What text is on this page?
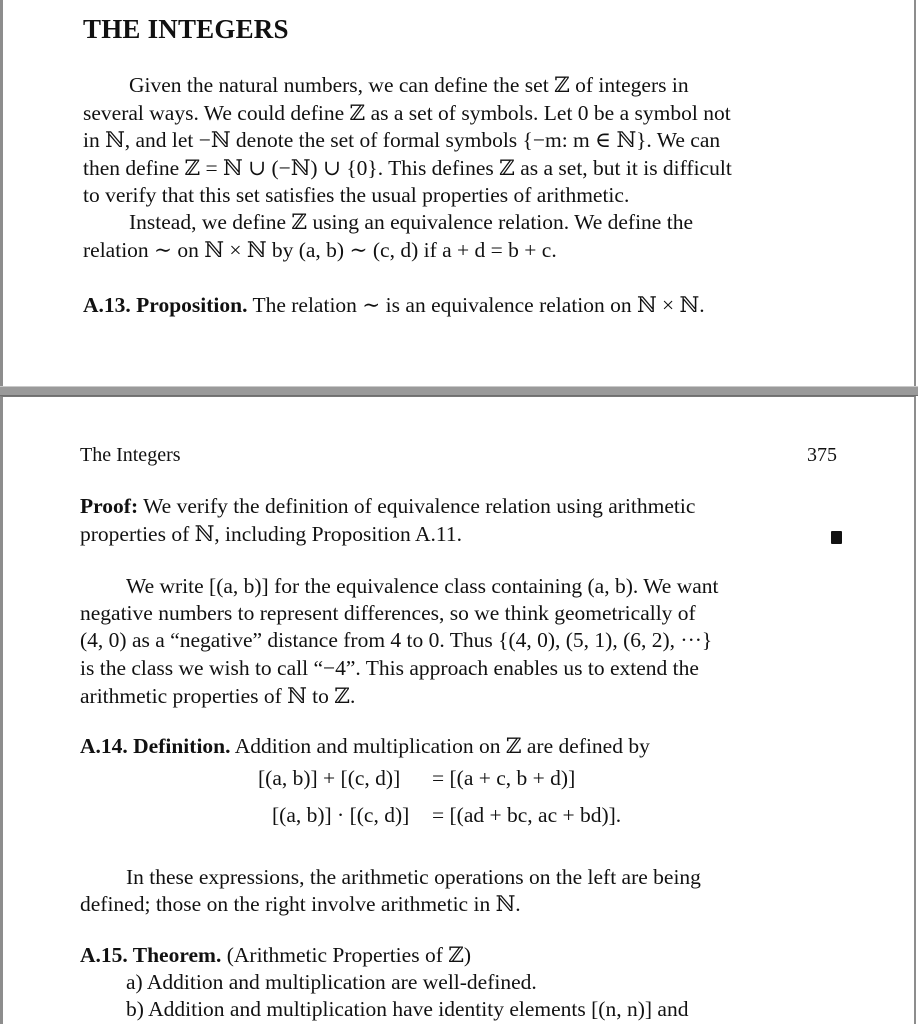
THE INTEGERS
Given the natural numbers, we can define the set ℤ of integers in
several ways. We could define ℤ as a set of symbols. Let 0 be a symbol not
in ℕ, and let −ℕ denote the set of formal symbols {−m: m ∈ ℕ}. We can
then define ℤ = ℕ ∪ (−ℕ) ∪ {0}. This defines ℤ as a set, but it is difficult
to verify that this set satisfies the usual properties of arithmetic.
Instead, we define ℤ using an equivalence relation. We define the
relation ∼ on ℕ × ℕ by (a, b) ∼ (c, d) if a + d = b + c.
A.13. Proposition. The relation ∼ is an equivalence relation on ℕ × ℕ.
The Integers	375
Proof: We verify the definition of equivalence relation using arithmetic
properties of ℕ, including Proposition A.11.
We write [(a, b)] for the equivalence class containing (a, b). We want
negative numbers to represent differences, so we think geometrically of
(4, 0) as a “negative” distance from 4 to 0. Thus {(4, 0), (5, 1), (6, 2), ···}
is the class we wish to call “−4”. This approach enables us to extend the
arithmetic properties of ℕ to ℤ.
A.14. Definition. Addition and multiplication on ℤ are defined by
[(a, b)] + [(c, d)] = [(a + c, b + d)]
[(a, b)] · [(c, d)] = [(ad + bc, ac + bd)].
In these expressions, the arithmetic operations on the left are being
defined; those on the right involve arithmetic in ℕ.
A.15. Theorem. (Arithmetic Properties of ℤ)
a) Addition and multiplication are well-defined.
b) Addition and multiplication have identity elements [(n, n)] and
